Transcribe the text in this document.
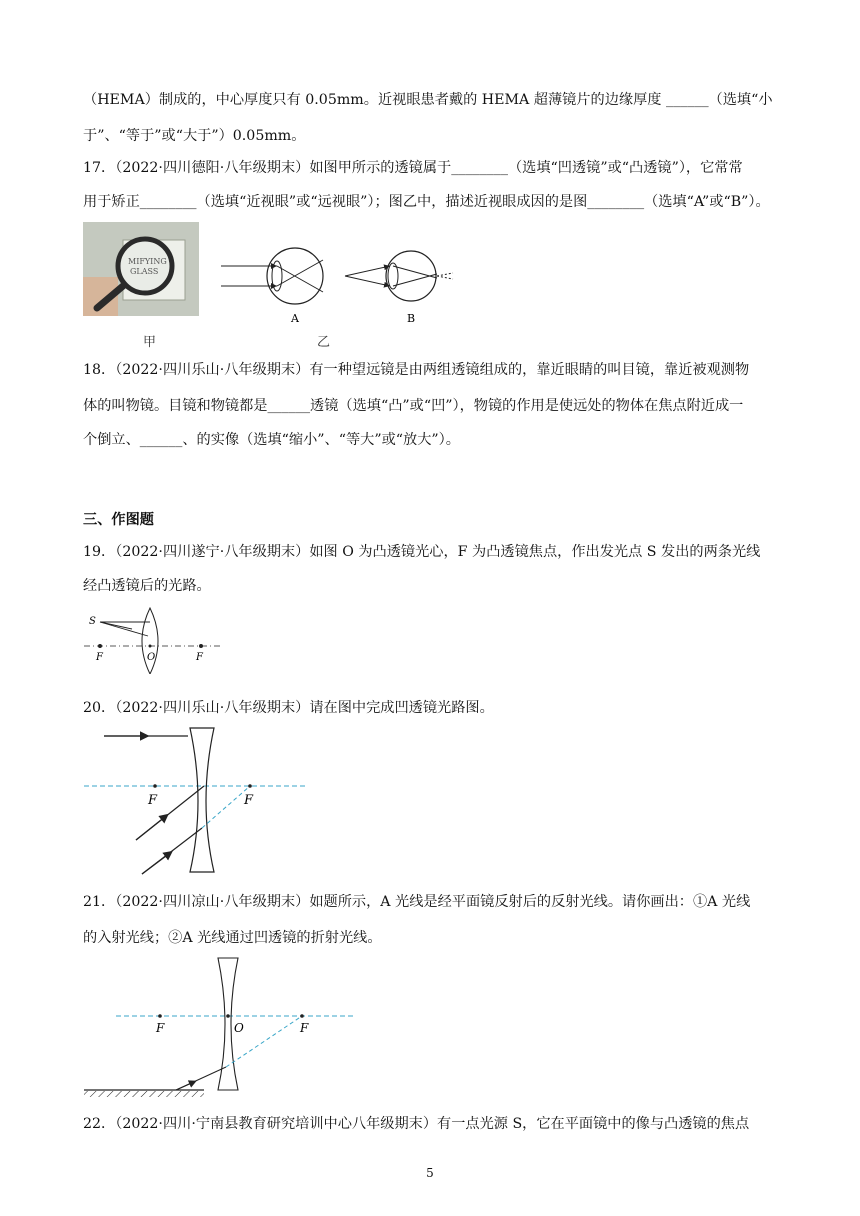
（HEMA）制成的，中心厚度只有 0.05mm。近视眼患者戴的 HEMA 超薄镜片的边缘厚度 ______（选填“小
于”、“等于”或“大于”）0.05mm。
17．（2022·四川德阳·八年级期末）如图甲所示的透镜属于________（选填“凹透镜”或“凸透镜”），它常常
用于矫正________（选填“近视眼”或“远视眼”）；图乙中，描述近视眼成因的是图________（选填“A”或“B”）。
MIFYING
GLASS
甲
A	B
乙
18．（2022·四川乐山·八年级期末）有一种望远镜是由两组透镜组成的，靠近眼睛的叫目镜，靠近被观测物
体的叫物镜。目镜和物镜都是______透镜（选填“凸”或“凹”），物镜的作用是使远处的物体在焦点附近成一
个倒立、______、的实像（选填“缩小”、“等大”或“放大”）。
三、作图题
19．（2022·四川遂宁·八年级期末）如图 O 为凸透镜光心，F 为凸透镜焦点，作出发光点 S 发出的两条光线
经凸透镜后的光路。
S
F	O	F
20．（2022·四川乐山·八年级期末）请在图中完成凹透镜光路图。
F	F
21．（2022·四川凉山·八年级期末）如题所示，A 光线是经平面镜反射后的反射光线。请你画出：①A 光线
的入射光线；②A 光线通过凹透镜的折射光线。
F	O	F
22．（2022·四川·宁南县教育研究培训中心八年级期末）有一点光源 S，它在平面镜中的像与凸透镜的焦点
5
